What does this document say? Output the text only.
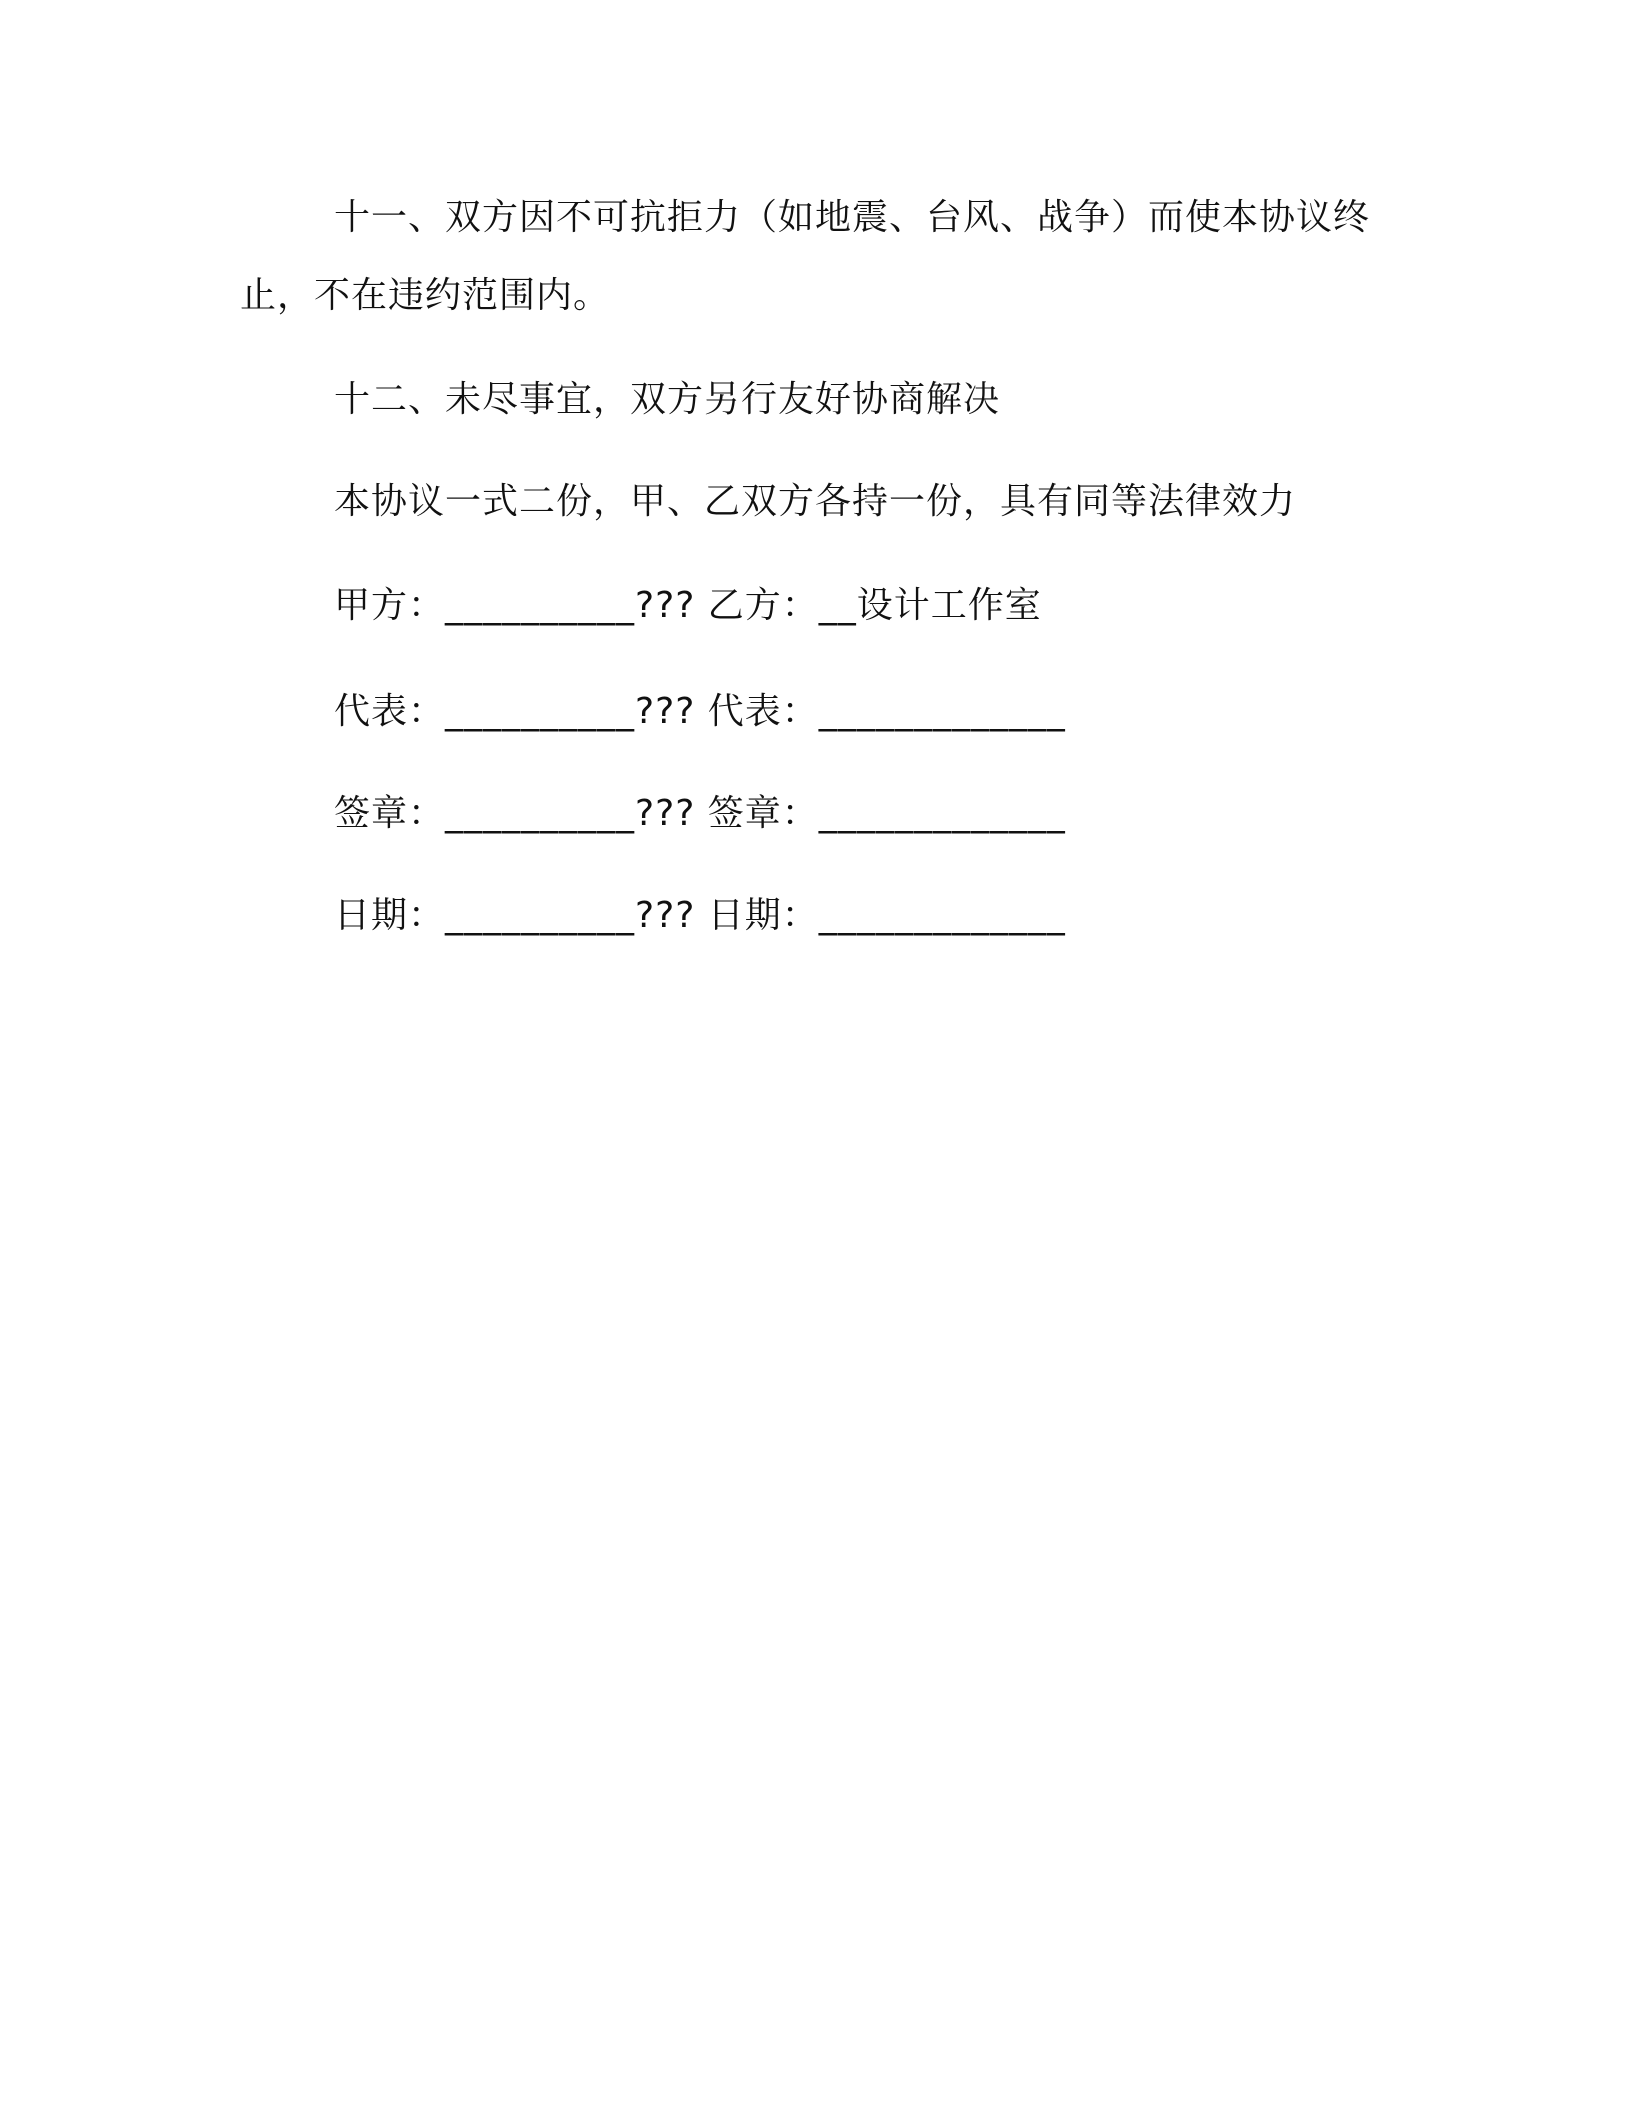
十一、双方因不可抗拒力（如地震、台风、战争）而使本协议终
止，不在违约范围内。
十二、未尽事宜，双方另行友好协商解决
本协议一式二份，甲、乙双方各持一份，具有同等法律效力
甲方：__________??? 乙方：__设计工作室
代表：__________??? 代表：_____________
签章：__________??? 签章：_____________
日期：__________??? 日期：_____________
